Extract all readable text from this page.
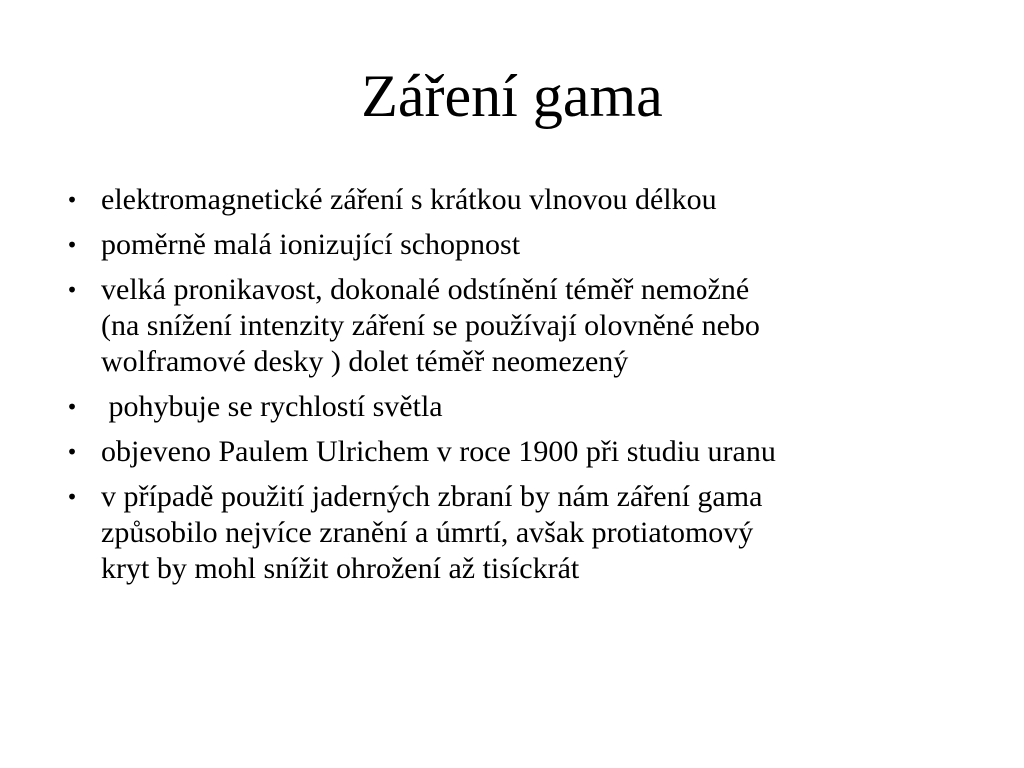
Záření gama
• elektromagnetické záření s krátkou vlnovou délkou
• poměrně malá ionizující schopnost
• velká pronikavost, dokonalé odstínění téměř nemožné
(na snížení intenzity záření se používají olovněné nebo
wolframové desky ) dolet téměř neomezený
• pohybuje se rychlostí světla
• objeveno Paulem Ulrichem v roce 1900 při studiu uranu
• v případě použití jaderných zbraní by nám záření gama
způsobilo nejvíce zranění a úmrtí, avšak protiatomový
kryt by mohl snížit ohrožení až tisíckrát
